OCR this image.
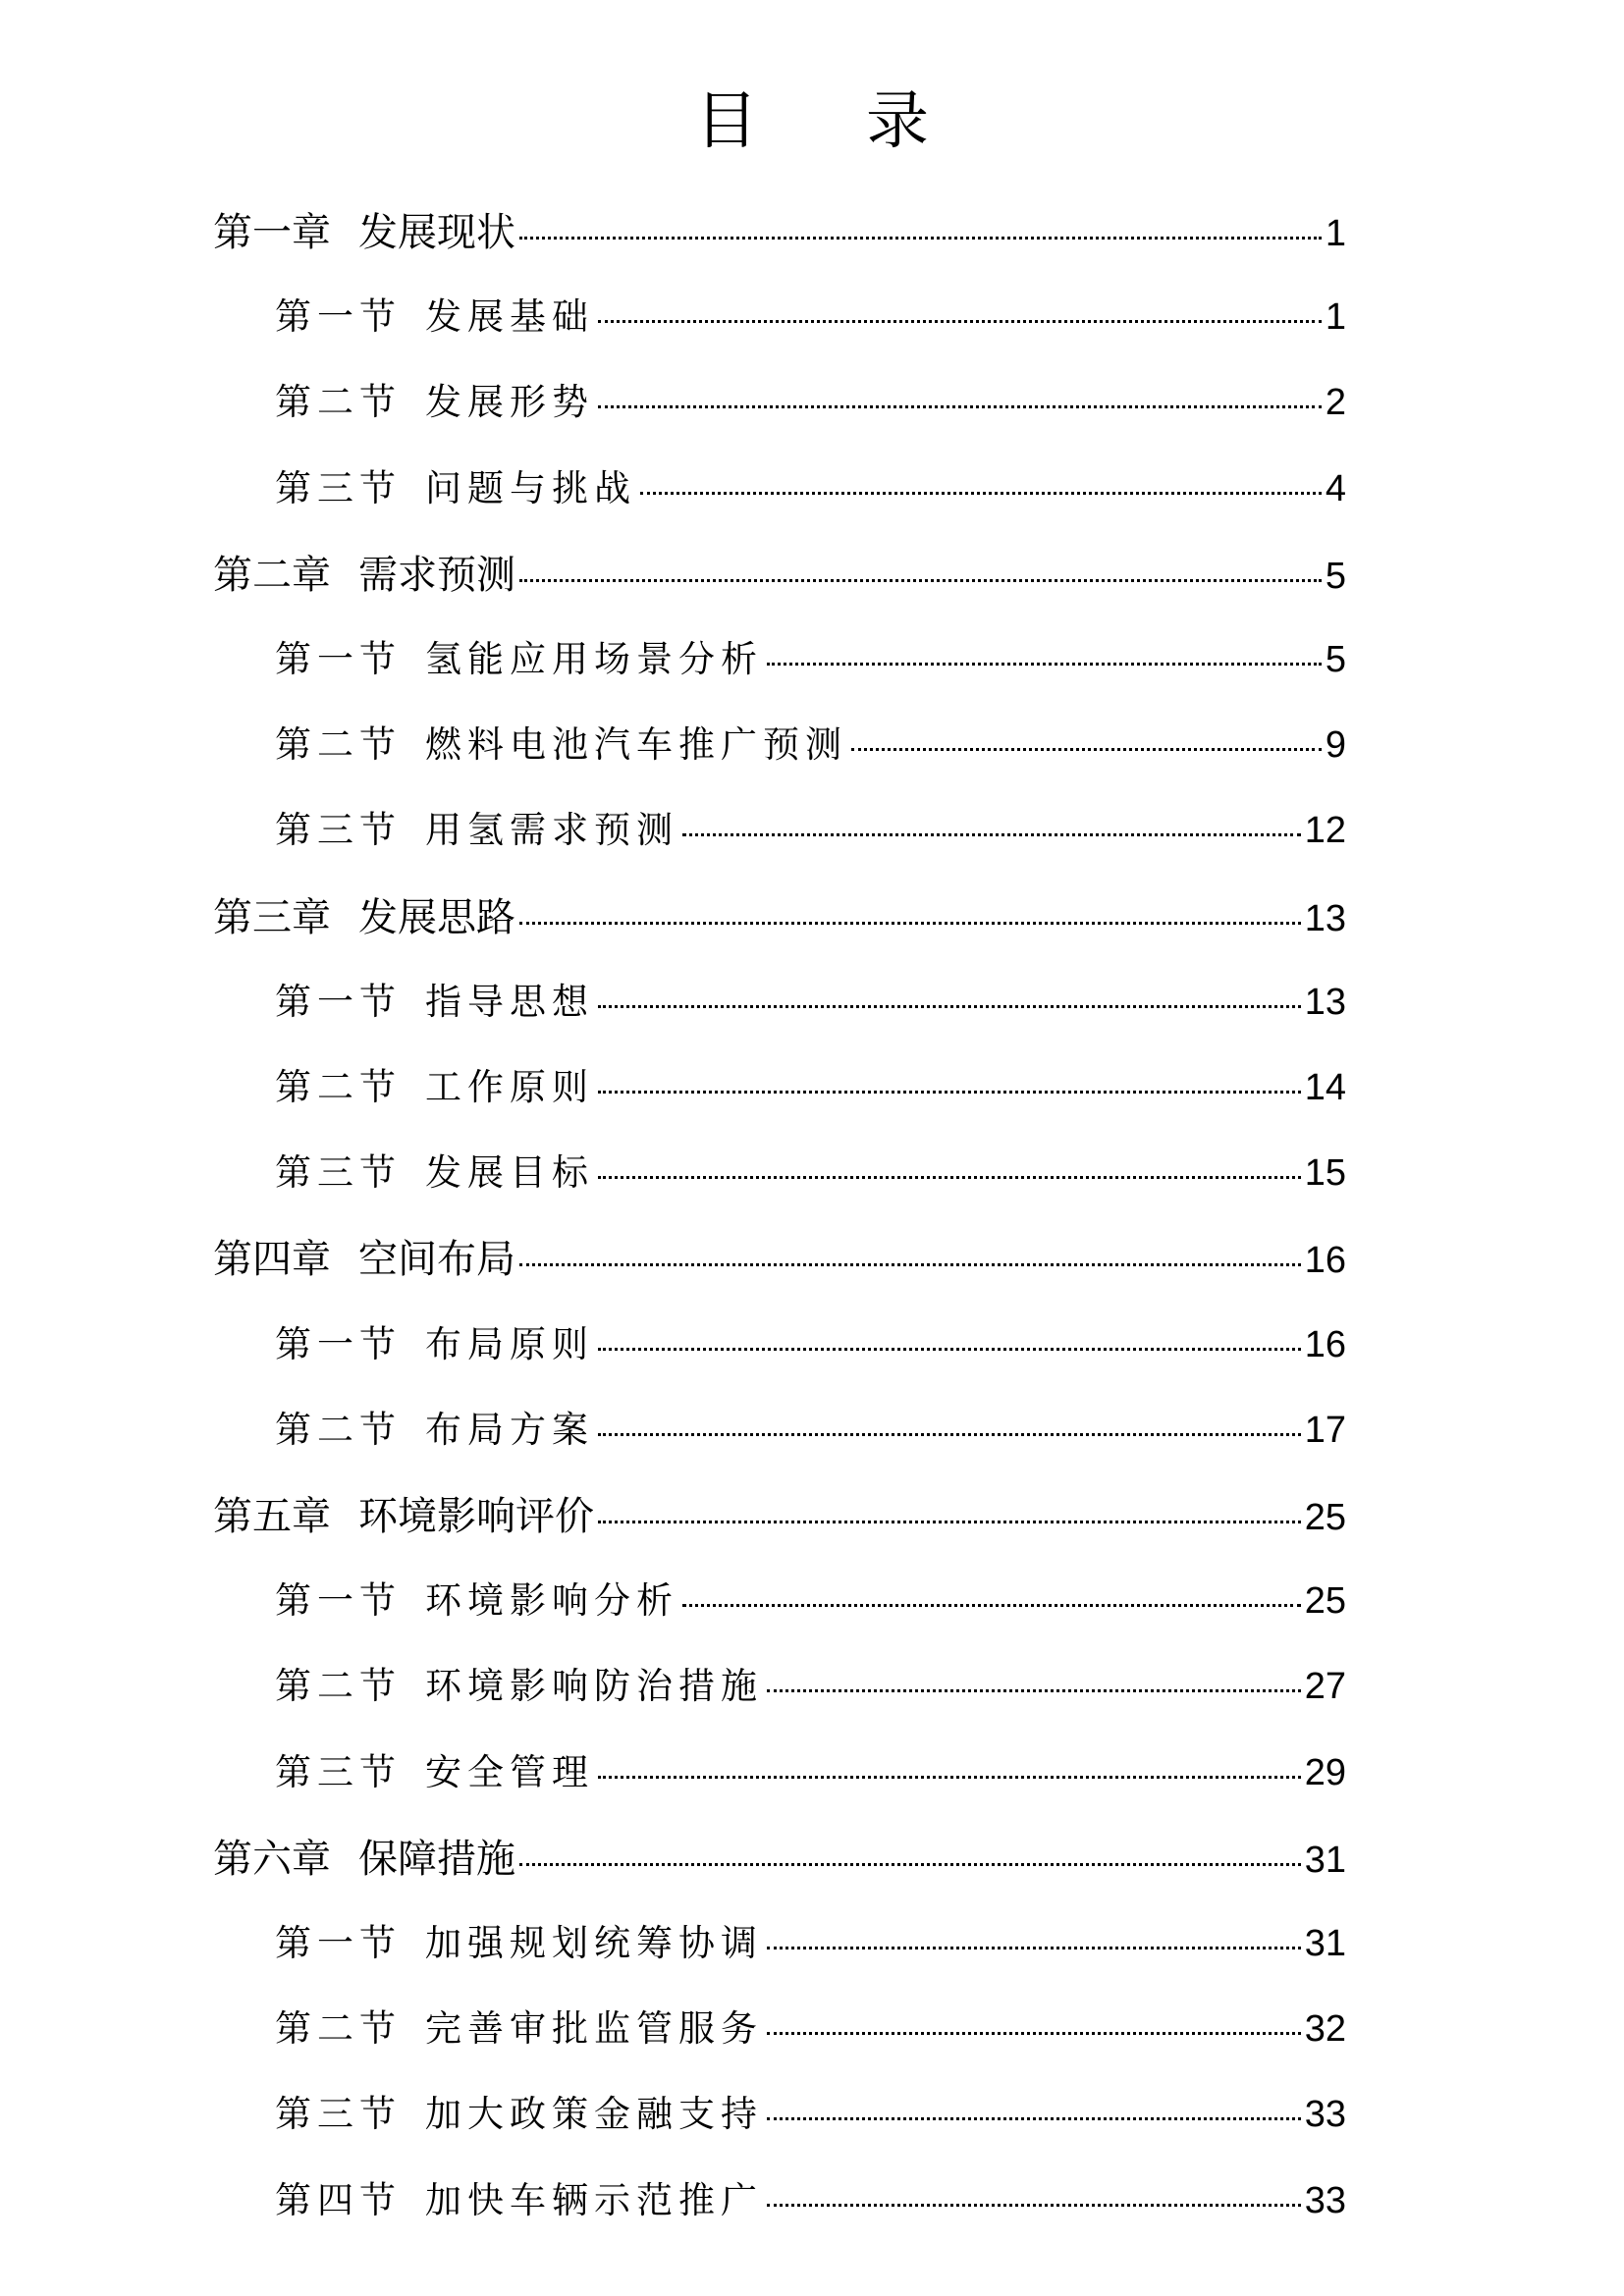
目 录
第一章 发展现状	1
第一节 发展基础	1
第二节 发展形势	2
第三节 问题与挑战	4
第二章 需求预测	5
第一节 氢能应用场景分析	5
第二节 燃料电池汽车推广预测	9
第三节 用氢需求预测	12
第三章 发展思路	13
第一节 指导思想	13
第二节 工作原则	14
第三节 发展目标	15
第四章 空间布局	16
第一节 布局原则	16
第二节 布局方案	17
第五章 环境影响评价	25
第一节 环境影响分析	25
第二节 环境影响防治措施	27
第三节 安全管理	29
第六章 保障措施	31
第一节 加强规划统筹协调	31
第二节 完善审批监管服务	32
第三节 加大政策金融支持	33
第四节 加快车辆示范推广	33
